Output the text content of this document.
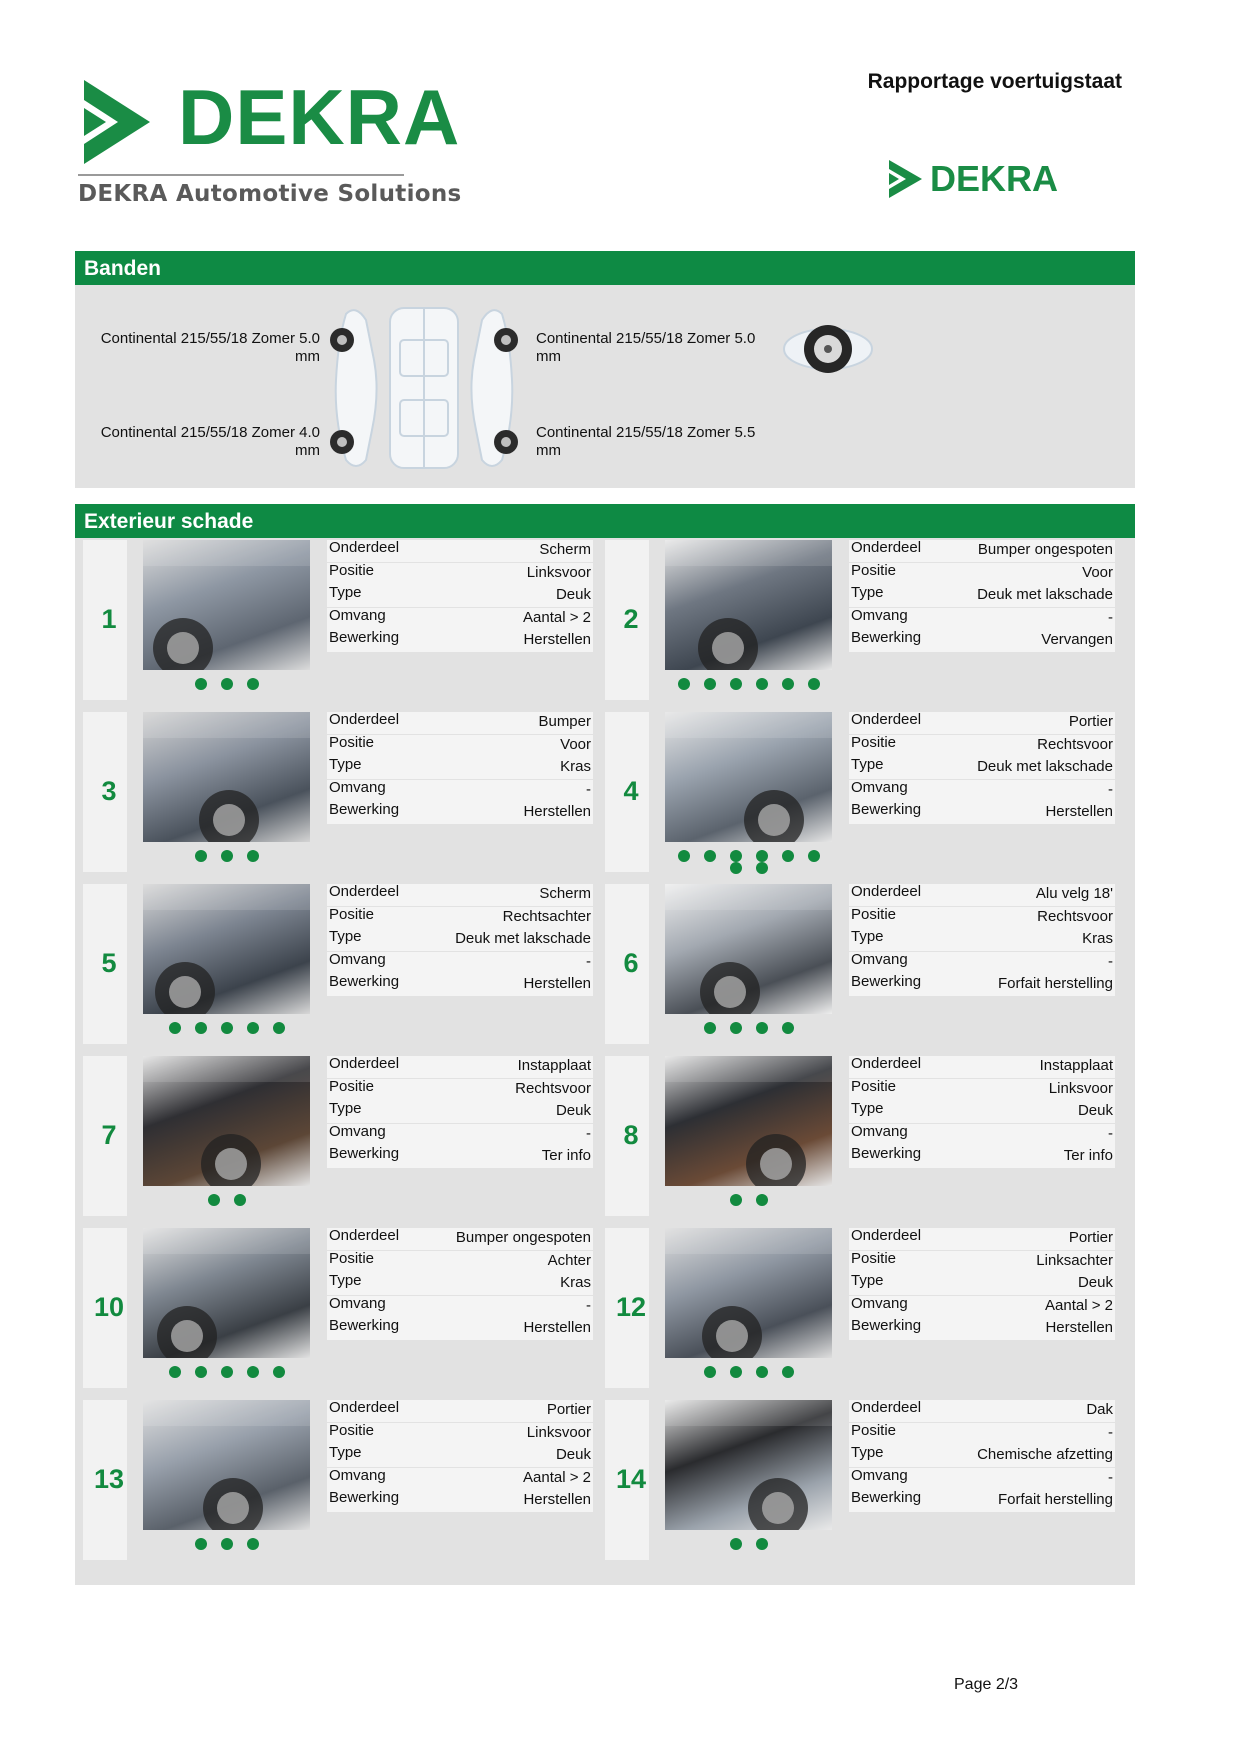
DEKRA
DEKRA Automotive Solutions
Rapportage voertuigstaat
DEKRA
Banden
Continental 215/55/18 Zomer 5.0 mm
Continental 215/55/18 Zomer 4.0 mm
Continental 215/55/18 Zomer 5.0 mm
Continental 215/55/18 Zomer 5.5 mm
Exterieur schade
1
Onderdeel	Scherm
Positie	Linksvoor
Type	Deuk
Omvang	Aantal > 2
Bewerking	Herstellen
2
Onderdeel	Bumper ongespoten
Positie	Voor
Type	Deuk met lakschade
Omvang	-
Bewerking	Vervangen
3
Onderdeel	Bumper
Positie	Voor
Type	Kras
Omvang	-
Bewerking	Herstellen
4
Onderdeel	Portier
Positie	Rechtsvoor
Type	Deuk met lakschade
Omvang	-
Bewerking	Herstellen
5
Onderdeel	Scherm
Positie	Rechtsachter
Type	Deuk met lakschade
Omvang	-
Bewerking	Herstellen
6
Onderdeel	Alu velg 18'
Positie	Rechtsvoor
Type	Kras
Omvang	-
Bewerking	Forfait herstelling
7
Onderdeel	Instapplaat
Positie	Rechtsvoor
Type	Deuk
Omvang	-
Bewerking	Ter info
8
Onderdeel	Instapplaat
Positie	Linksvoor
Type	Deuk
Omvang	-
Bewerking	Ter info
10
Onderdeel	Bumper ongespoten
Positie	Achter
Type	Kras
Omvang	-
Bewerking	Herstellen
12
Onderdeel	Portier
Positie	Linksachter
Type	Deuk
Omvang	Aantal > 2
Bewerking	Herstellen
13
Onderdeel	Portier
Positie	Linksvoor
Type	Deuk
Omvang	Aantal > 2
Bewerking	Herstellen
14
Onderdeel	Dak
Positie	-
Type	Chemische afzetting
Omvang	-
Bewerking	Forfait herstelling
Page 2/3
